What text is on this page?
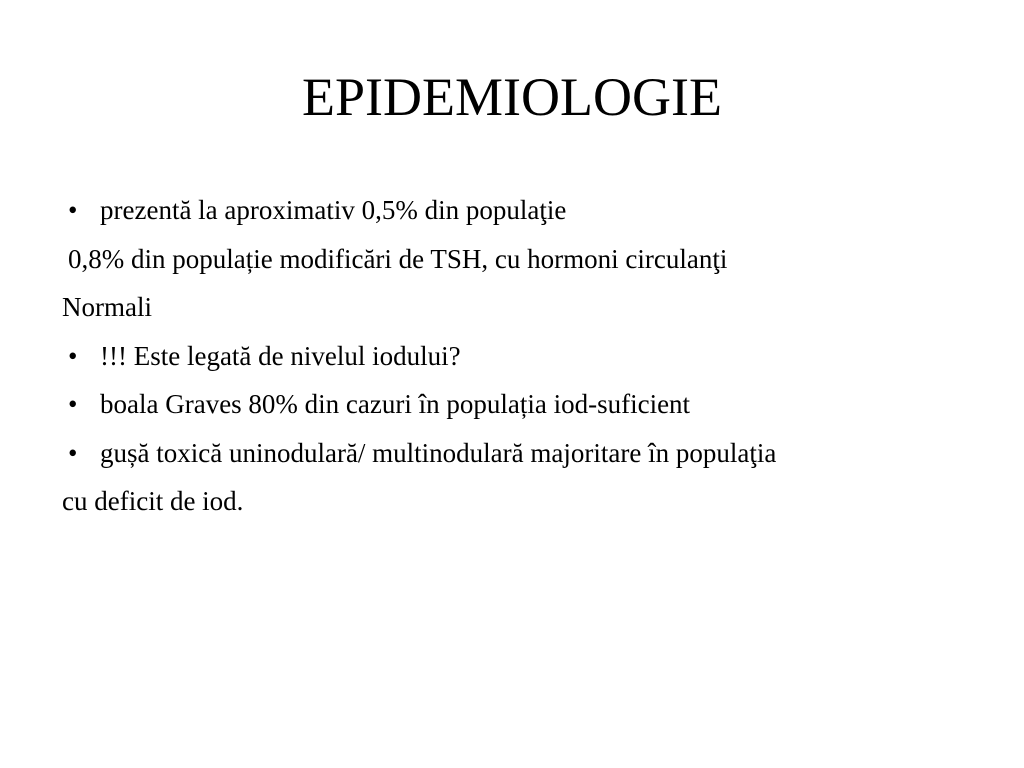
EPIDEMIOLOGIE
• prezentă la aproximativ 0,5% din populaţie
0,8% din populație modificări de TSH, cu hormoni circulanţi
Normali
• !!! Este legată de nivelul iodului?
• boala Graves 80% din cazuri în populația iod-suficient
• gușă toxică uninodulară/ multinodulară majoritare în populaţia
cu deficit de iod.
